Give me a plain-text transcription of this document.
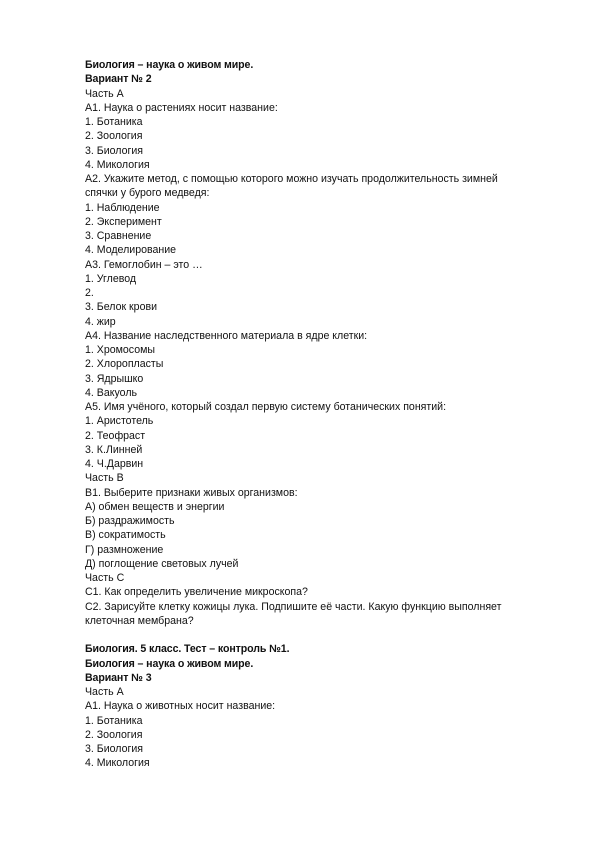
Биология – наука о живом мире.
Вариант № 2
Часть А
А1. Наука о растениях носит название:
1. Ботаника
2. Зоология
3. Биология
4. Микология
А2. Укажите метод, с помощью которого можно изучать продолжительность зимней
спячки у бурого медведя:
1. Наблюдение
2. Эксперимент
3. Сравнение
4. Моделирование
А3. Гемоглобин – это …
1. Углевод
2.
3. Белок крови
4. жир
А4. Название наследственного материала в ядре клетки:
1. Хромосомы
2. Хлоропласты
3. Ядрышко
4. Вакуоль
А5. Имя учёного, который создал первую систему ботанических понятий:
1. Аристотель
2. Теофраст
3. К.Линней
4. Ч.Дарвин
Часть В
В1. Выберите признаки живых организмов:
А) обмен веществ и энергии
Б) раздражимость
В) сократимость
Г) размножение
Д) поглощение световых лучей
Часть С
С1. Как определить увеличение микроскопа?
С2. Зарисуйте клетку кожицы лука. Подпишите её части. Какую функцию выполняет
клеточная мембрана?
Биология. 5 класс. Тест – контроль №1.
Биология – наука о живом мире.
Вариант № 3
Часть А
А1. Наука о животных носит название:
1. Ботаника
2. Зоология
3. Биология
4. Микология
